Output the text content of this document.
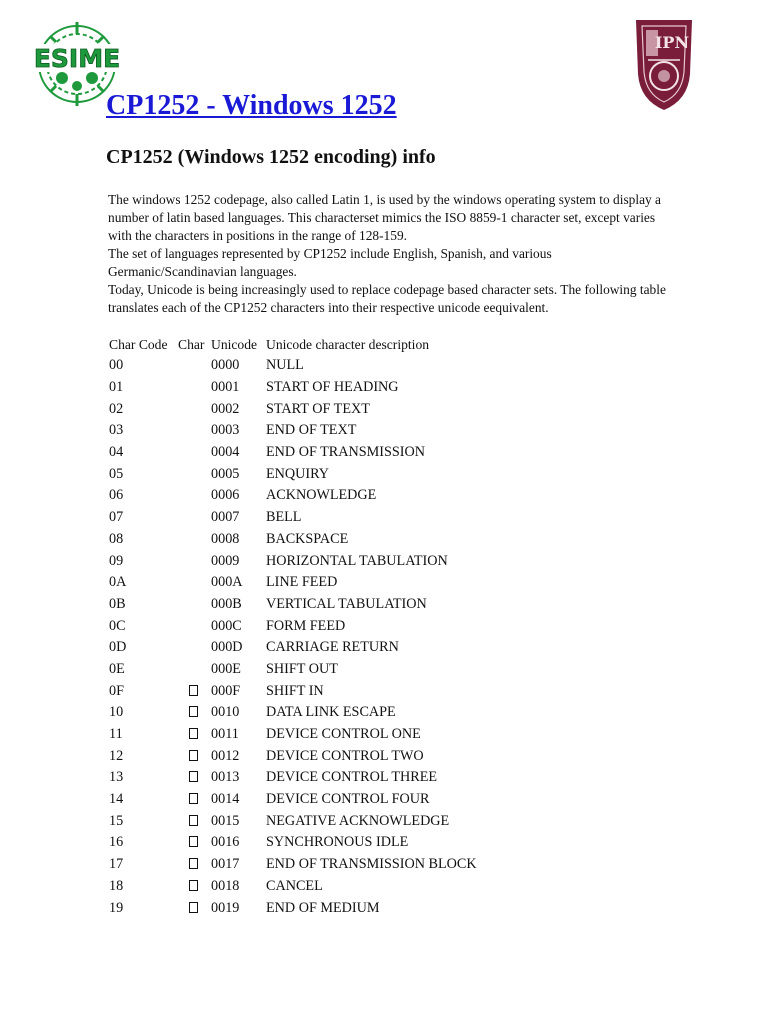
ESIME
IPN
CP1252 - Windows 1252
CP1252 (Windows 1252 encoding) info

The windows 1252 codepage, also called Latin 1, is used by the windows operating system to display a number of latin based languages. This characterset mimics the ISO 8859-1 character set, except varies with the characters in positions in the range of 128-159.

The set of languages represented by CP1252 include English, Spanish, and various Germanic/Scandinavian languages.

Today, Unicode is being increasingly used to replace codepage based character sets. The following table translates each of the CP1252 characters into their respective unicode eequivalent.

Char Code	Char	Unicode	Unicode character description
00		0000	NULL
01		0001	START OF HEADING
02		0002	START OF TEXT
03		0003	END OF TEXT
04		0004	END OF TRANSMISSION
05		0005	ENQUIRY
06		0006	ACKNOWLEDGE
07		0007	BELL
08		0008	BACKSPACE
09		0009	HORIZONTAL TABULATION
0A		000A	LINE FEED
0B		000B	VERTICAL TABULATION
0C		000C	FORM FEED
0D		000D	CARRIAGE RETURN
0E		000E	SHIFT OUT
0F		000F	SHIFT IN
10		0010	DATA LINK ESCAPE
11		0011	DEVICE CONTROL ONE
12		0012	DEVICE CONTROL TWO
13		0013	DEVICE CONTROL THREE
14		0014	DEVICE CONTROL FOUR
15		0015	NEGATIVE ACKNOWLEDGE
16		0016	SYNCHRONOUS IDLE
17		0017	END OF TRANSMISSION BLOCK
18		0018	CANCEL
19		0019	END OF MEDIUM
